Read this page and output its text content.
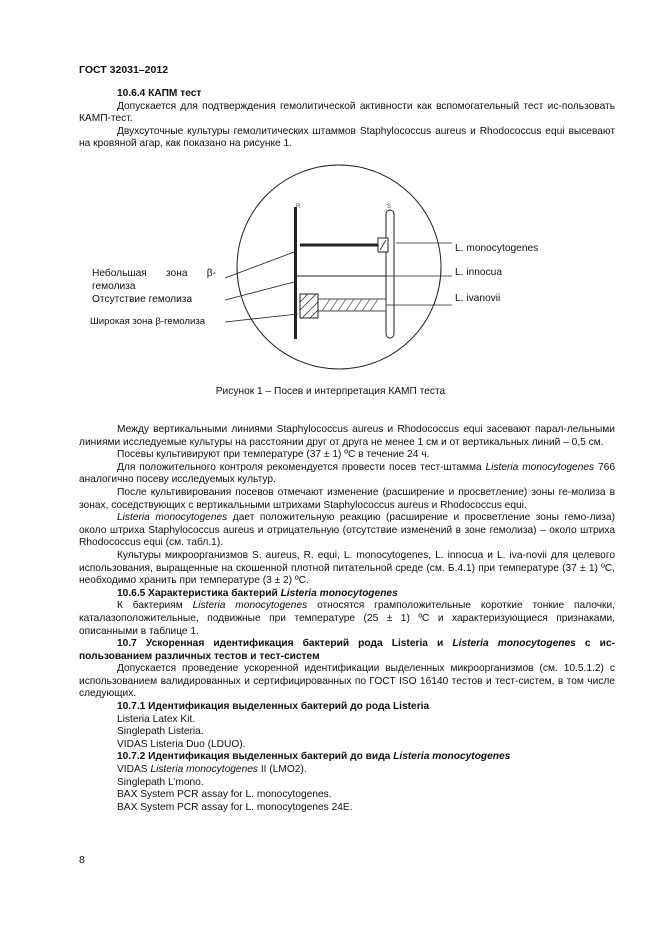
ГОСТ 32031–2012

10.6.4 КАПМ тест

Допускается для подтверждения гемолитической активности как вспомогательный тест ис-пользовать КАМП-тест.

Двухсуточные культуры гемолитических штаммов Staphylococcus aureus и Rhodococcus equi высевают на кровяной агар, как показано на рисунке 1.

R	S
L. monocytogenes
L. innocua
L. ivanovii
Небольшая зона β-гемолиза
Отсутствие гемолиза
Широкая зона β-гемолиза
Рисунок 1 – Посев и интерпретация КАМП теста

Между вертикальными линиями Staphylococcus aureus и Rhodococcus equi засевают парал-лельными линиями исследуемые культуры на расстоянии друг от друга не менее 1 см и от вертикальных линий – 0,5 см.

Посевы культивируют при температуре (37 ± 1) ºС в течение 24 ч.

Для положительного контроля рекомендуется провести посев тест-штамма Listeria monocytogenes 766 аналогично посеву исследуемых культур.

После культивирования посевов отмечают изменение (расширение и просветление) зоны ге-молиза в зонах, соседствующих с вертикальными штрихами Staphylococcus aureus и Rhodococcus equi.

Listeria monocytogenes дает положительную реакцию (расширение и просветление зоны гемо-лиза) около штриха Staphylococcus aureus и отрицательную (отсутствие изменений в зоне гемолиза) – около штриха Rhodococcus equi (см. табл.1).

Культуры микроорганизмов S. aureus, R. equi, L. monocytogenes, L. innocua и L. iva-novii для целевого использования, выращенные на скошенной плотной питательной среде (см. Б.4.1) при температуре (37 ± 1) ºС, необходимо хранить при температуре (3 ± 2) ºС.

10.6.5 Характеристика бактерий Listeria monocytogenes

К бактериям Listeria monocytogenes относятся грамположительные короткие тонкие палочки, каталазоположительные, подвижные при температуре (25 ± 1) ºС и характеризующиеся признаками, описанными в таблице 1.

10.7 Ускоренная идентификация бактерий рода Listeria и Listeria monocytogenes с ис-пользованием различных тестов и тест-систем

Допускается проведение ускоренной идентификации выделенных микроорганизмов (см. 10.5.1.2) с использованием валидированных и сертифицированных по ГОСТ ISO 16140 тестов и тест-систем, в том числе следующих.

10.7.1 Идентификация выделенных бактерий до рода Listeria

Listeria Latex Kit.

Singlepath Listeria.

VIDAS Listeria Duo (LDUO).

10.7.2 Идентификация выделенных бактерий до вида Listeria monocytogenes

VIDAS Listeria monocytogenes II (LMO2).

Singlepath L’mono.

BAX System PCR assay for L. monocytogenes.

BAX System PCR assay for L. monocytogenes 24E.

8
